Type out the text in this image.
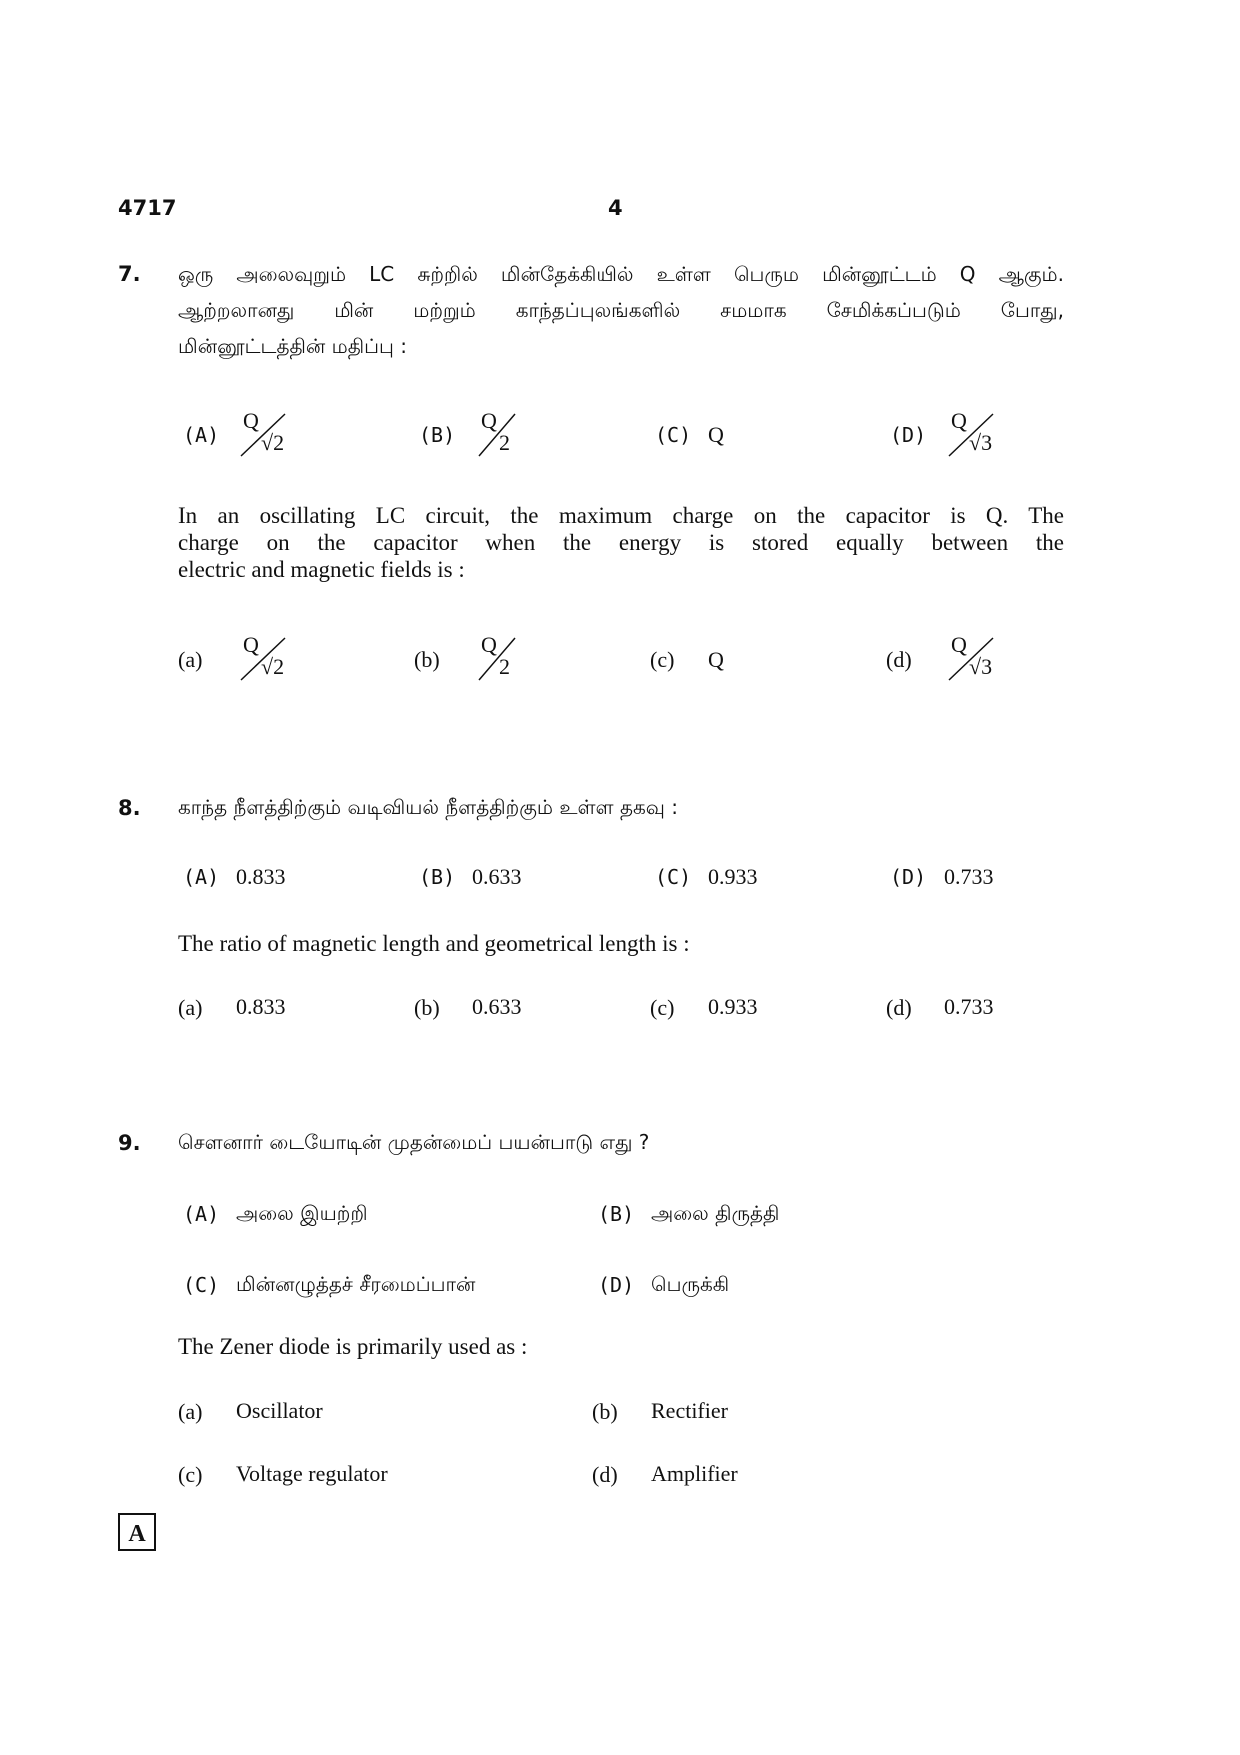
4717	4
7. ஒரு அலைவுறும் LC சுற்றில் மின்தேக்கியில் உள்ள பெரும மின்னூட்டம் Q ஆகும்.
ஆற்றலானது மின் மற்றும் காந்தப்புலங்களில் சமமாக சேமிக்கப்படும் போது,
மின்னூட்டத்தின் மதிப்பு :
(A)
Q
√2	(B)
Q
2	(C) Q	(D)
Q
√3
In an oscillating LC circuit, the maximum charge on the capacitor is Q. The
charge on the capacitor when the energy is stored equally between the
electric and magnetic fields is :
(a)
Q
√2	(b)
Q
2	(c) Q	(d)
Q
√3
8. காந்த நீளத்திற்கும் வடிவியல் நீளத்திற்கும் உள்ள தகவு :
(A) 0.833	(B) 0.633	(C) 0.933	(D) 0.733
The ratio of magnetic length and geometrical length is :
(a) 0.833	(b) 0.633	(c) 0.933	(d) 0.733
9. சௌனார் டையோடின் முதன்மைப் பயன்பாடு எது ?
(A) அலை இயற்றி	(B) அலை திருத்தி
(C) மின்னழுத்தச் சீரமைப்பான்	(D) பெருக்கி
The Zener diode is primarily used as :
(a) Oscillator	(b) Rectifier
(c) Voltage regulator	(d) Amplifier
A
